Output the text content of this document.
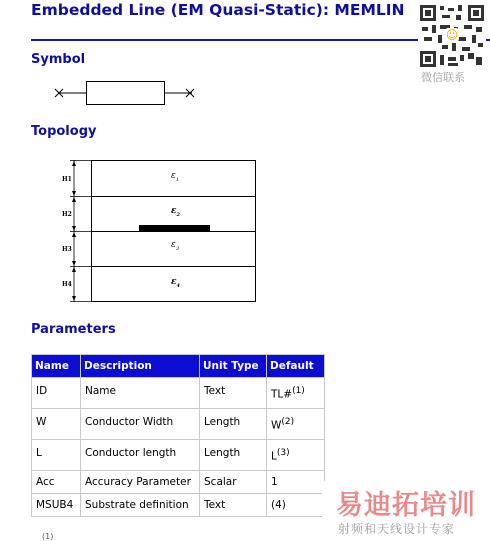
Embedded Line (EM Quasi-Static): MEMLIN
☺
微信联系
Symbol
Topology
H1
H2
H3
H4
$\varepsilon_1$
$\varepsilon_2$
$\varepsilon_3$
$\varepsilon_4$
Parameters
Name	Description	Unit Type	Default
ID	Name	Text	TL#$^{(1)}$
W	Conductor Width	Length	$W^{(2)}$
L	Conductor length	Length	$L^{(3)}$
Acc	Accuracy Parameter	Scalar	1
MSUB4	Substrate definition	Text	(4)
(1)
易迪拓培训
射频和天线设计专家
